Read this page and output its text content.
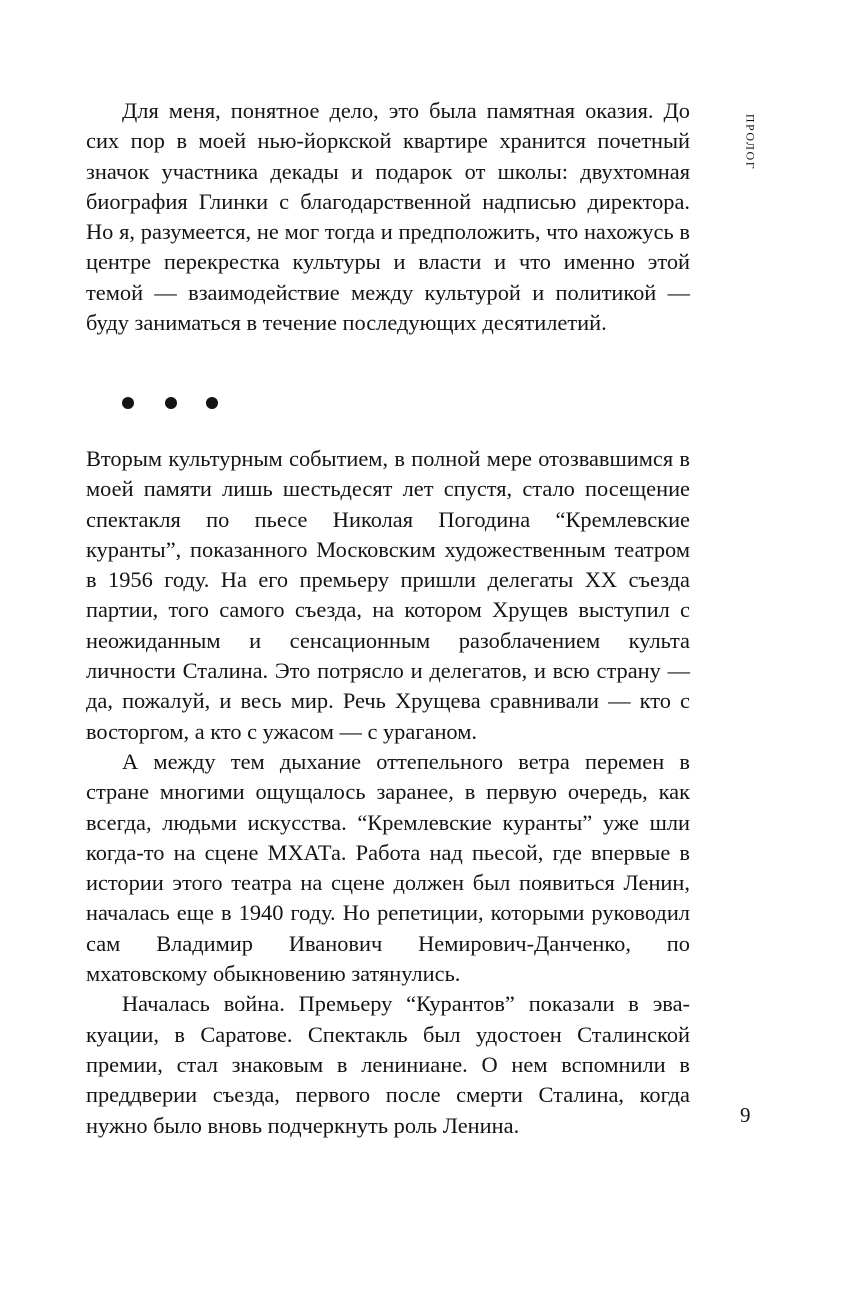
ПРОЛОГ

Для меня, понятное дело, это была памятная оказия. До сих пор в моей нью-йоркской квартире хранится почетный значок участника декады и подарок от школы: двухтомная биография Глинки с благодарственной надписью директора. Но я, разумеется, не мог тогда и предположить, что нахожусь в центре перекрестка культуры и власти и что именно этой темой — взаимодействие между культурой и политикой — буду заниматься в течение последующих десятилетий.

Вторым культурным событием, в полной мере отозвавшимся в моей памяти лишь шестьдесят лет спустя, стало посещение спектакля по пьесе Николая Погодина “Кремлевские куранты”, показанного Московским художественным театром в 1956 году. На его премьеру пришли делегаты XX съезда партии, того самого съезда, на котором Хрущев выступил с неожиданным и сенсационным разоблачением культа личности Сталина. Это потрясло и делегатов, и всю страну — да, пожалуй, и весь мир. Речь Хрущева сравнивали — кто с восторгом, а кто с ужасом — с ураганом.

А между тем дыхание оттепельного ветра перемен в стране многими ощущалось заранее, в первую очередь, как всегда, людьми искусства. “Кремлевские куранты” уже шли когда-то на сцене МХАТа. Работа над пьесой, где впервые в истории этого театра на сцене должен был появиться Ленин, началась еще в 1940 году. Но репетиции, которыми руководил сам Владимир Иванович Немирович-Данченко, по мхатовскому обыкновению затянулись.

Началась война. Премьеру “Курантов” показали в эвакуации, в Саратове. Спектакль был удостоен Сталинской премии, стал знаковым в лениниане. О нем вспомнили в преддверии съезда, первого после смерти Сталина, когда нужно было вновь подчеркнуть роль Ленина.	9
